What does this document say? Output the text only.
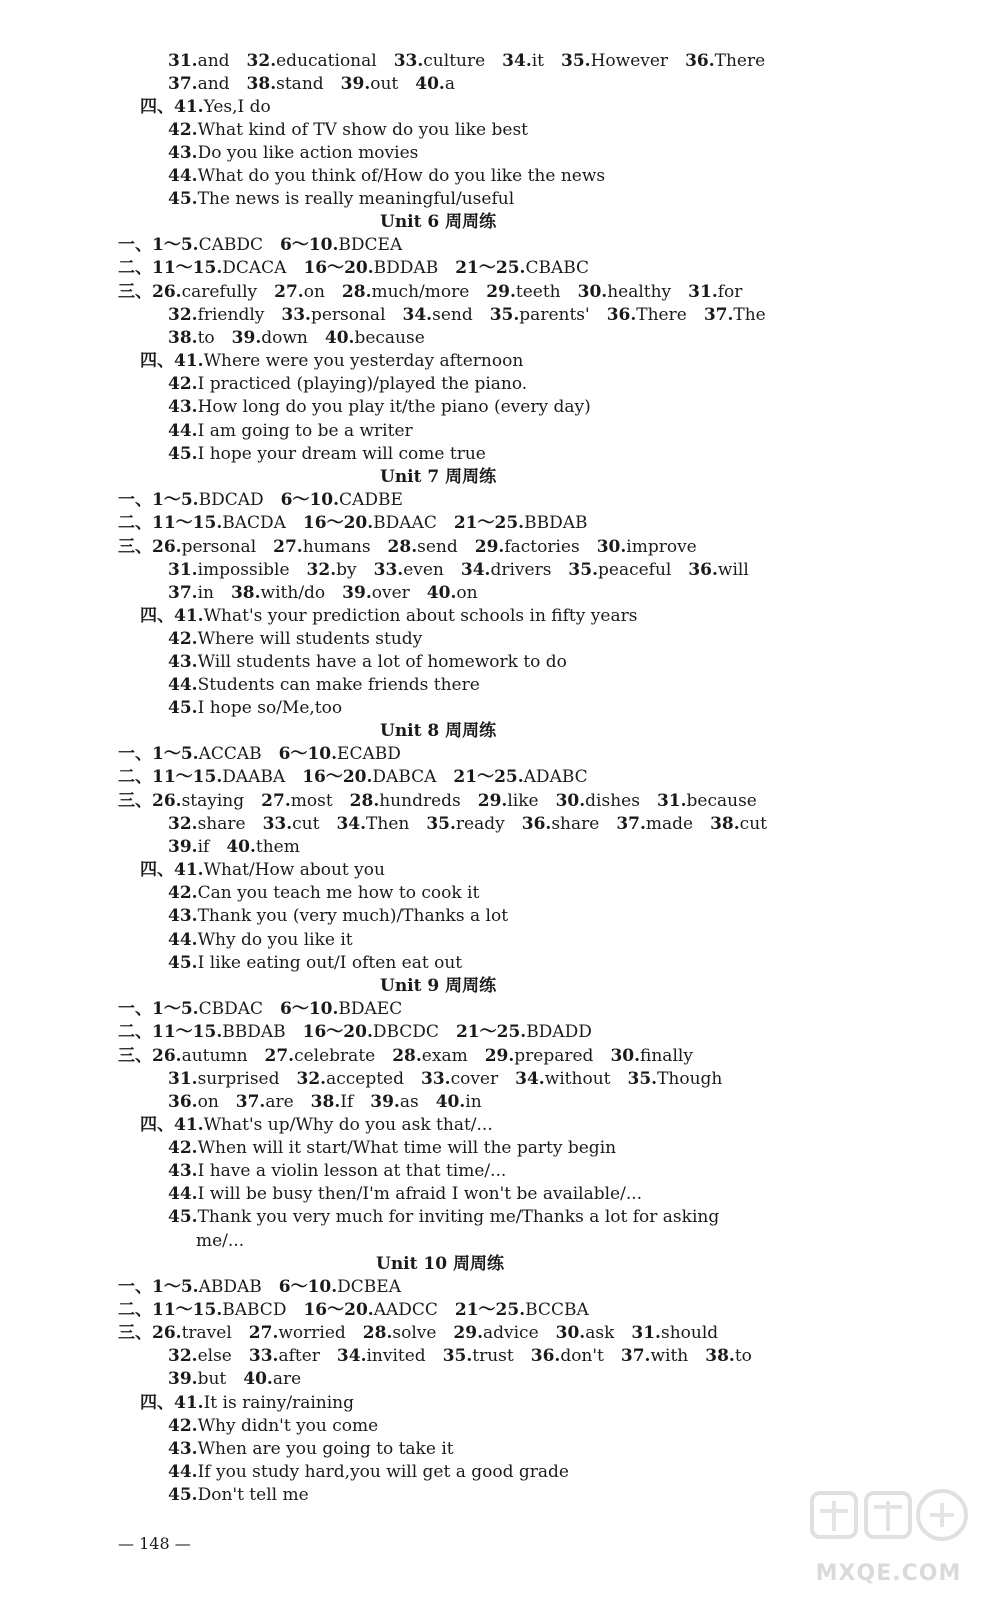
31.and  32.educational  33.culture  34.it  35.However  36.There
37.and  38.stand  39.out  40.a
四、41.Yes,I do
42.What kind of TV show do you like best
43.Do you like action movies
44.What do you think of/How do you like the news
45.The news is really meaningful/useful
Unit 6 周周练
一、1～5.CABDC  6～10.BDCEA
二、11～15.DCACA  16～20.BDDAB  21～25.CBABC
三、26.carefully  27.on  28.much/more  29.teeth  30.healthy  31.for
32.friendly  33.personal  34.send  35.parents'  36.There  37.The
38.to  39.down  40.because
四、41.Where were you yesterday afternoon
42.I practiced (playing)/played the piano.
43.How long do you play it/the piano (every day)
44.I am going to be a writer
45.I hope your dream will come true
Unit 7 周周练
一、1～5.BDCAD  6～10.CADBE
二、11～15.BACDA  16～20.BDAAC  21～25.BBDAB
三、26.personal  27.humans  28.send  29.factories  30.improve
31.impossible  32.by  33.even  34.drivers  35.peaceful  36.will
37.in  38.with/do  39.over  40.on
四、41.What's your prediction about schools in fifty years
42.Where will students study
43.Will students have a lot of homework to do
44.Students can make friends there
45.I hope so/Me,too
Unit 8 周周练
一、1～5.ACCAB  6～10.ECABD
二、11～15.DAABA  16～20.DABCA  21～25.ADABC
三、26.staying  27.most  28.hundreds  29.like  30.dishes  31.because
32.share  33.cut  34.Then  35.ready  36.share  37.made  38.cut
39.if  40.them
四、41.What/How about you
42.Can you teach me how to cook it
43.Thank you (very much)/Thanks a lot
44.Why do you like it
45.I like eating out/I often eat out
Unit 9 周周练
一、1～5.CBDAC  6～10.BDAEC
二、11～15.BBDAB  16～20.DBCDC  21～25.BDADD
三、26.autumn  27.celebrate  28.exam  29.prepared  30.finally
31.surprised  32.accepted  33.cover  34.without  35.Though
36.on  37.are  38.If  39.as  40.in
四、41.What's up/Why do you ask that/...
42.When will it start/What time will the party begin
43.I have a violin lesson at that time/...
44.I will be busy then/I'm afraid I won't be available/...
45.Thank you very much for inviting me/Thanks a lot for asking
me/...
Unit 10 周周练
一、1～5.ABDAB  6～10.DCBEA
二、11～15.BABCD  16～20.AADCC  21～25.BCCBA
三、26.travel  27.worried  28.solve  29.advice  30.ask  31.should
32.else  33.after  34.invited  35.trust  36.don't  37.with  38.to
39.but  40.are
四、41.It is rainy/raining
42.Why didn't you come
43.When are you going to take it
44.If you study hard,you will get a good grade
45.Don't tell me
— 148 —
MXQE.COM
